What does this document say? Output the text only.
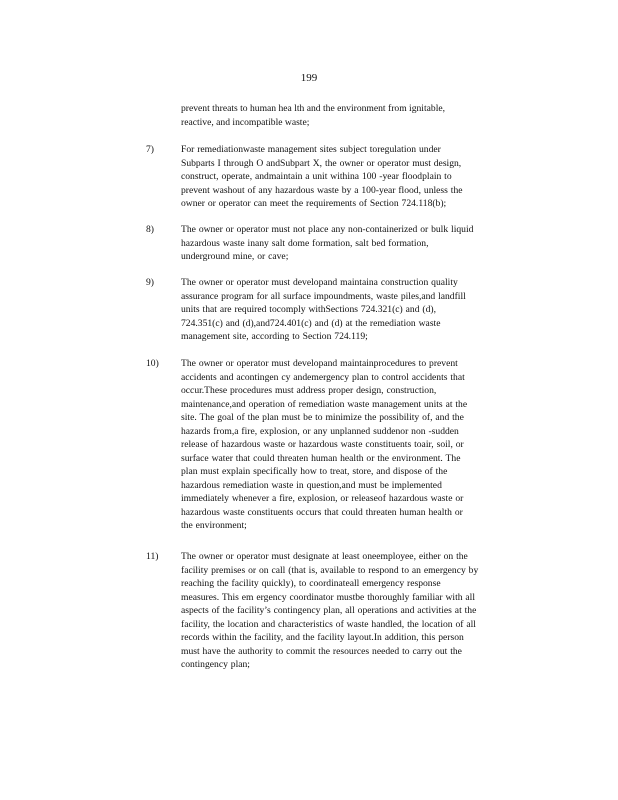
199
prevent threats to human hea lth and the environment from ignitable,
reactive, and incompatible waste;
7)	For remediationwaste management sites subject toregulation under
Subparts I through O andSubpart X, the owner or operator must design,
construct, operate, andmaintain a unit withina 100 -year floodplain to
prevent washout of any hazardous waste by a 100-year flood, unless the
owner or operator can meet the requirements of Section 724.118(b);
8)	The owner or operator must not place any non-containerized or bulk liquid
hazardous waste inany salt dome formation, salt bed formation,
underground mine, or cave;
9)	The owner or operator must developand maintaina construction quality
assurance program for all surface impoundments, waste piles,and landfill
units that are required tocomply withSections 724.321(c) and (d),
724.351(c) and (d),and724.401(c) and (d) at the remediation waste
management site, according to Section 724.119;
10) The owner or operator must developand maintainprocedures to prevent
accidents and acontingen cy andemergency plan to control accidents that
occur.These procedures must address proper design, construction,
maintenance,and operation of remediation waste management units at the
site. The goal of the plan must be to minimize the possibility of, and the
hazards from,a fire, explosion, or any unplanned suddenor non -sudden
release of hazardous waste or hazardous waste constituents toair, soil, or
surface water that could threaten human health or the environment. The
plan must explain specifically how to treat, store, and dispose of the
hazardous remediation waste in question,and must be implemented
immediately whenever a fire, explosion, or releaseof hazardous waste or
hazardous waste constituents occurs that could threaten human health or
the environment;
11) The owner or operator must designate at least oneemployee, either on the
facility premises or on call (that is, available to respond to an emergency by
reaching the facility quickly), to coordinateall emergency response
measures. This em ergency coordinator mustbe thoroughly familiar with all
aspects of the facility’s contingency plan, all operations and activities at the
facility, the location and characteristics of waste handled, the location of all
records within the facility, and the facility layout.In addition, this person
must have the authority to commit the resources needed to carry out the
contingency plan;
